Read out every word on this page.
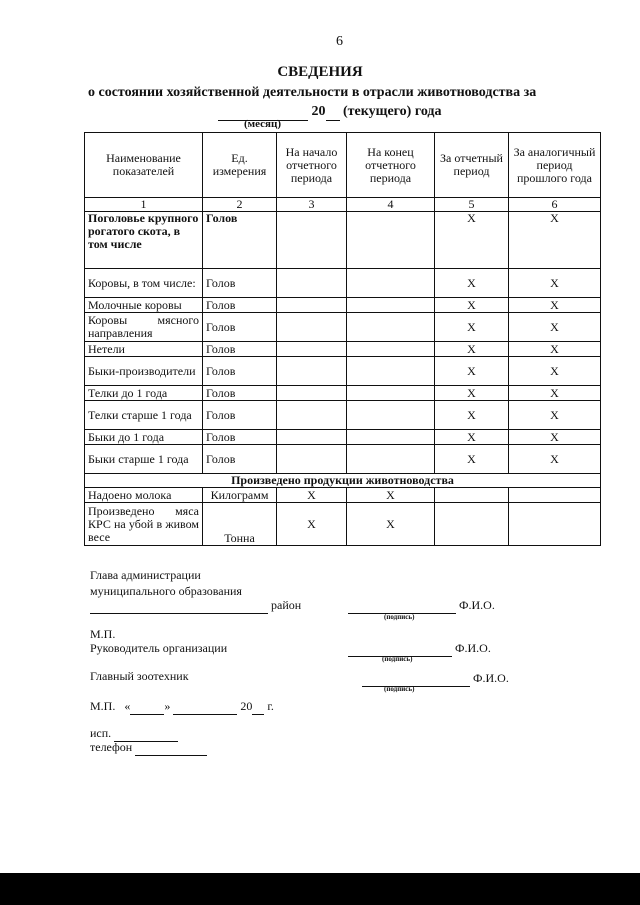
6
СВЕДЕНИЯ
о состоянии хозяйственной деятельности в отрасли животноводства за
20 (текущего) года
(месяц)
Наименование показателей	Ед. измерения	На начало отчетного периода	На конец отчетного периода	За отчетный период	За аналогичный период прошлого года
1	2	3	4	5	6
Поголовье крупного рогатого скота, в том числе	Голов			X	X
Коровы, в том числе:	Голов			X	X
Молочные коровы	Голов			X	X
Коровы мясного направления	Голов			X	X
Нетели	Голов			X	X
Быки-производители	Голов			X	X
Телки до 1 года	Голов			X	X
Телки старше 1 года	Голов			X	X
Быки до 1 года	Голов			X	X
Быки старше 1 года	Голов			X	X
Произведено продукции животноводства					
Надоено молока	Килограмм	X	X		
Произведено мяса КРС на убой в живом весе	Тонна	X	X		
Глава администрации
муниципального образования
район	Ф.И.О.
(подпись)
М.П.
Руководитель организации	Ф.И.О.
(подпись)
Главный зоотехник	Ф.И.О.
(подпись)
М.П. «	»	20 г.
исп.
телефон
